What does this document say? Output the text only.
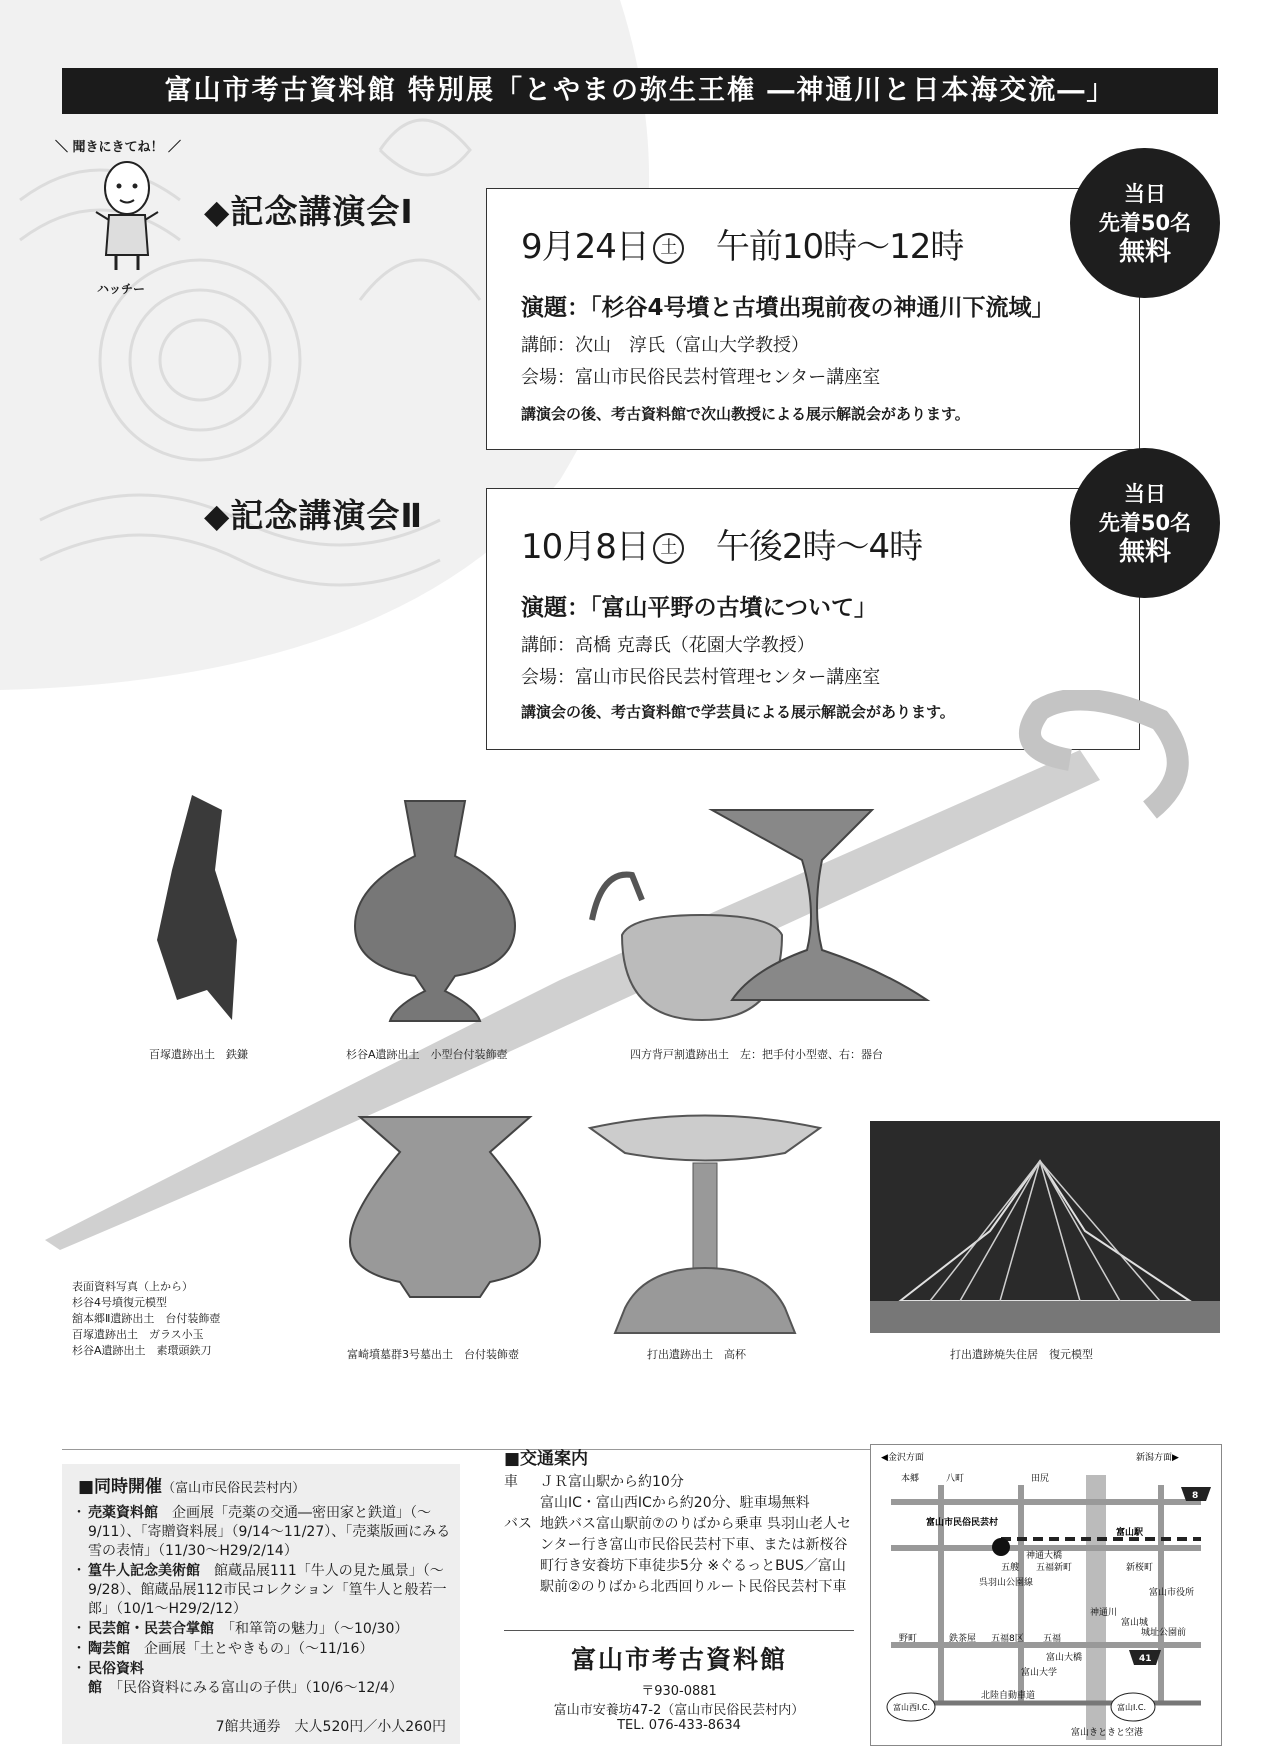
富山市考古資料館 特別展「とやまの弥生王権 ―神通川と日本海交流―」
＼ 聞きにきてね！ ／
ハッチー
◆記念講演会Ⅰ
9月24日 土 午前10時～12時
演題：「杉谷4号墳と古墳出現前夜の神通川下流域」
講師：次山　淳氏（富山大学教授）
会場：富山市民俗民芸村管理センター講座室
講演会の後、考古資料館で次山教授による展示解説会があります。
当日
先着50名
無料
◆記念講演会Ⅱ
10月8日 土 午後2時～4時
演題：「富山平野の古墳について」
講師：高橋 克壽氏（花園大学教授）
会場：富山市民俗民芸村管理センター講座室
講演会の後、考古資料館で学芸員による展示解説会があります。
当日
先着50名
無料
百塚遺跡出土　鉄鎌	杉谷A遺跡出土　小型台付装飾壺	四方背戸割遺跡出土　左：把手付小型壺、右：器台
富崎墳墓群3号墓出土　台付装飾壺	打出遺跡出土　高杯	打出遺跡焼失住居　復元模型
表面資料写真（上から）
杉谷4号墳復元模型
舘本郷Ⅱ遺跡出土　台付装飾壺
百塚遺跡出土　ガラス小玉
杉谷A遺跡出土　素環頭鉄刀
■同時開催（富山市民俗民芸村内）
・ 売薬資料館　企画展「売薬の交通―密田家と鉄道」（～9/11）、「寄贈資料展」（9/14～11/27）、「売薬版画にみる雪の表情」（11/30～H29/2/14）
・ 篁牛人記念美術館　館蔵品展111「牛人の見た風景」（～9/28）、館蔵品展112市民コレクション「篁牛人と般若一郎」（10/1～H29/2/12）
・ 民芸館・民芸合掌館　「和箪笥の魅力」（～10/30）
・ 陶芸館　企画展「土とやきもの」（～11/16）
・ 民俗資料館　「民俗資料にみる富山の子供」（10/6～12/4）
7館共通券　大人520円／小人260円
■交通案内
車 ＪＲ富山駅から約10分
富山IC・富山西ICから約20分、駐車場無料
バス 地鉄バス富山駅前⑦のりばから乗車 呉羽山老人センター行き富山市民俗民芸村下車、または新桜谷町行き安養坊下車徒歩5分 ※ぐるっとBUS／富山駅前②のりばから北西回りルート民俗民芸村下車
富山市考古資料館
〒930-0881
富山市安養坊47-2（富山市民俗民芸村内）
TEL. 076-433-8634
◀金沢方面	新潟方面▶
本郷	八町	田尻
富山市民俗民芸村
富山駅
五艘 五福新町
神通大橋
新桜町
呉羽山公園線
神通川
富山市役所
城址公園前
野町	鉄茶屋 五福8区 五福
富山大学
富山大橋
富山城
北陸自動車道
富山西I.C.	富山I.C.
富山きときと空港
8
41
